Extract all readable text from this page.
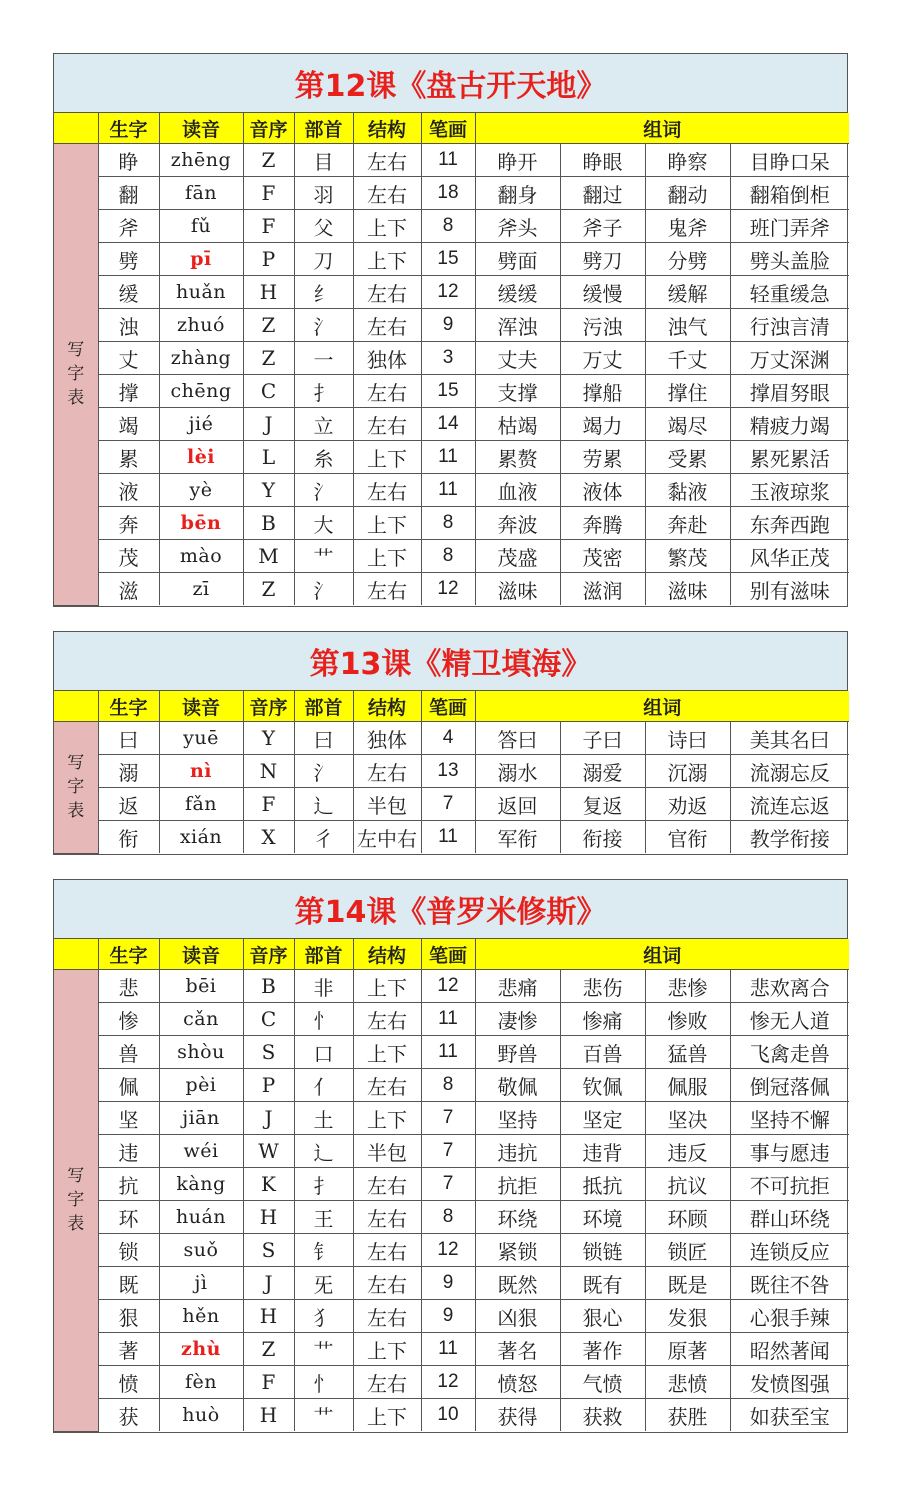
第12课《盘古开天地》
	生字	读音	音序	部首	结构	笔画	组词			
写字表	睁	zhēng	Z	目	左右	11	睁开	睁眼	睁察	目睁口呆
	翻	fān	F	羽	左右	18	翻身	翻过	翻动	翻箱倒柜
	斧	fǔ	F	父	上下	8	斧头	斧子	鬼斧	班门弄斧
	劈	pī	P	刀	上下	15	劈面	劈刀	分劈	劈头盖脸
	缓	huǎn	H	纟	左右	12	缓缓	缓慢	缓解	轻重缓急
	浊	zhuó	Z	氵	左右	9	浑浊	污浊	浊气	行浊言清
	丈	zhàng	Z	一	独体	3	丈夫	万丈	千丈	万丈深渊
	撑	chēng	C	扌	左右	15	支撑	撑船	撑住	撑眉努眼
	竭	jié	J	立	左右	14	枯竭	竭力	竭尽	精疲力竭
	累	lèi	L	糸	上下	11	累赘	劳累	受累	累死累活
	液	yè	Y	氵	左右	11	血液	液体	黏液	玉液琼浆
	奔	bēn	B	大	上下	8	奔波	奔腾	奔赴	东奔西跑
	茂	mào	M	艹	上下	8	茂盛	茂密	繁茂	风华正茂
	滋	zī	Z	氵	左右	12	滋味	滋润	滋味	别有滋味
第13课《精卫填海》
	生字	读音	音序	部首	结构	笔画	组词			
写字表	曰	yuē	Y	曰	独体	4	答曰	子曰	诗曰	美其名曰
	溺	nì	N	氵	左右	13	溺水	溺爱	沉溺	流溺忘反
	返	fǎn	F	辶	半包	7	返回	复返	劝返	流连忘返
	衔	xián	X	彳	左中右	11	军衔	衔接	官衔	教学衔接
第14课《普罗米修斯》
	生字	读音	音序	部首	结构	笔画	组词			
写字表	悲	bēi	B	非	上下	12	悲痛	悲伤	悲惨	悲欢离合
	惨	cǎn	C	忄	左右	11	凄惨	惨痛	惨败	惨无人道
	兽	shòu	S	口	上下	11	野兽	百兽	猛兽	飞禽走兽
	佩	pèi	P	亻	左右	8	敬佩	钦佩	佩服	倒冠落佩
	坚	jiān	J	土	上下	7	坚持	坚定	坚决	坚持不懈
	违	wéi	W	辶	半包	7	违抗	违背	违反	事与愿违
	抗	kàng	K	扌	左右	7	抗拒	抵抗	抗议	不可抗拒
	环	huán	H	王	左右	8	环绕	环境	环顾	群山环绕
	锁	suǒ	S	钅	左右	12	紧锁	锁链	锁匠	连锁反应
	既	jì	J	旡	左右	9	既然	既有	既是	既往不咎
	狠	hěn	H	犭	左右	9	凶狠	狠心	发狠	心狠手辣
	著	zhù	Z	艹	上下	11	著名	著作	原著	昭然著闻
	愤	fèn	F	忄	左右	12	愤怒	气愤	悲愤	发愤图强
	获	huò	H	艹	上下	10	获得	获救	获胜	如获至宝
